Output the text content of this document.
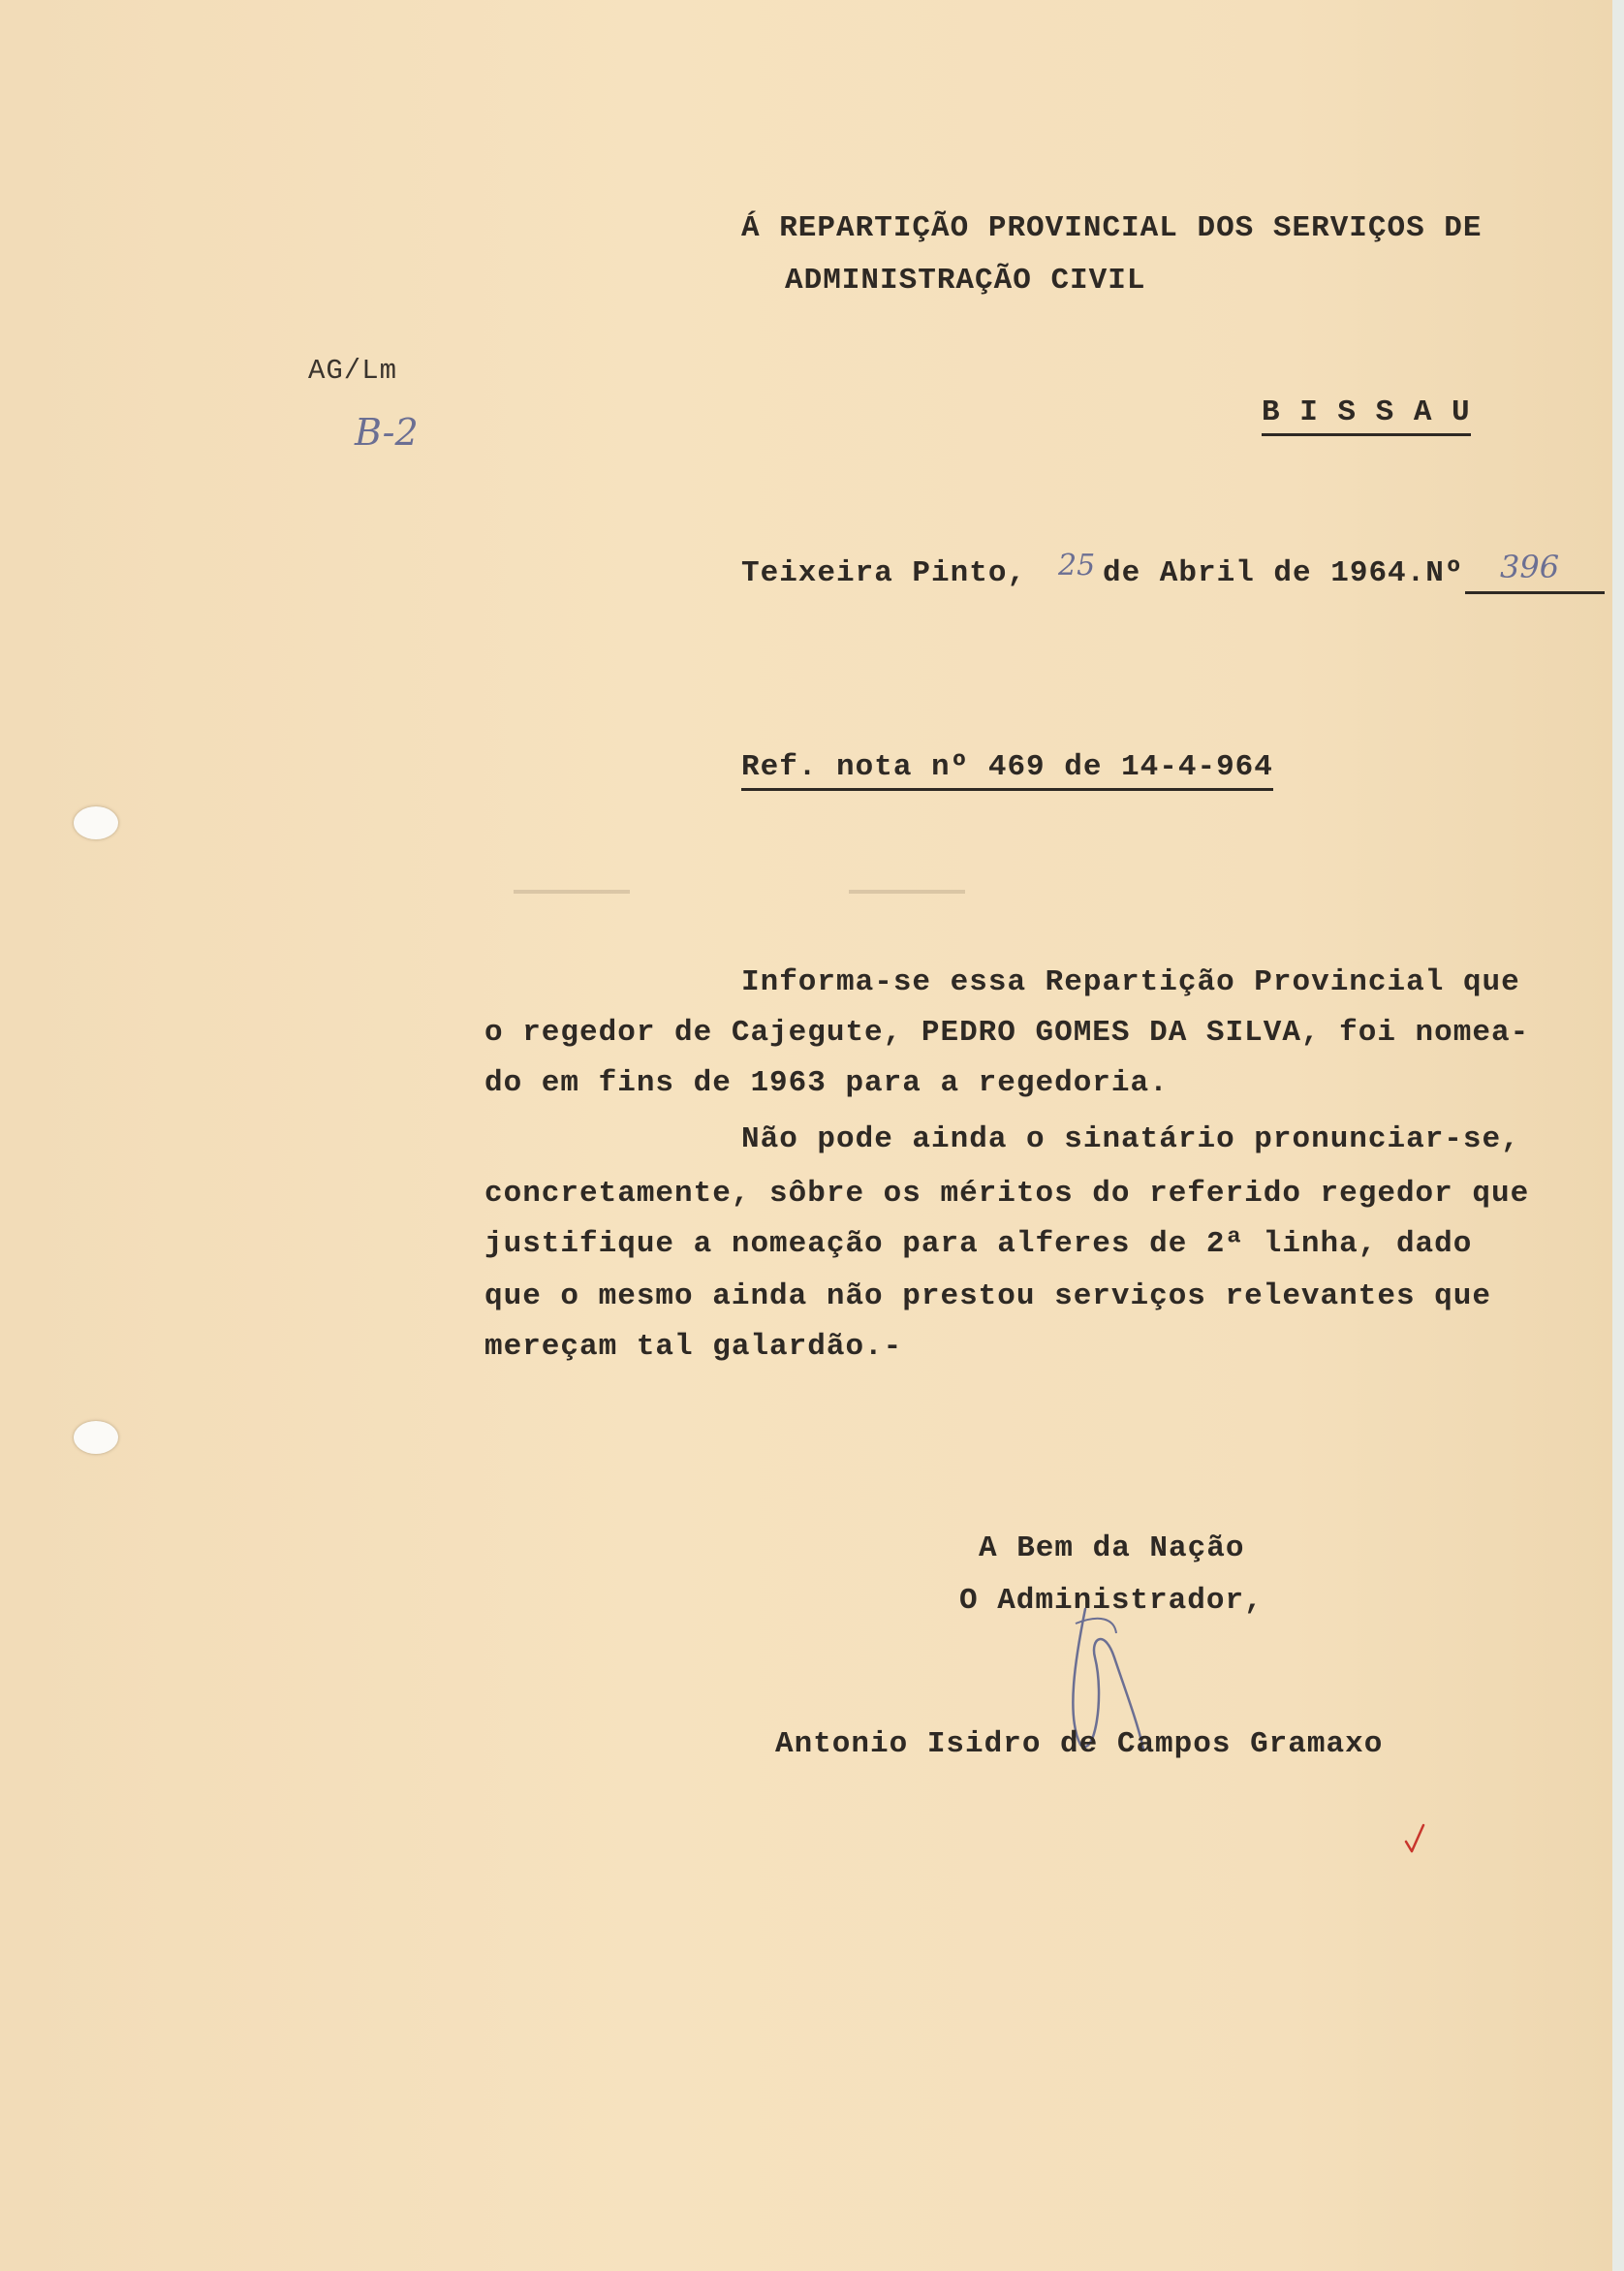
Á REPARTIÇÃO PROVINCIAL DOS SERVIÇOS DE
ADMINISTRAÇÃO CIVIL
B I S S A U
AG/Lm
B-2
Teixeira Pinto, 25 de Abril de 1964.Nº 396
Ref. nota nº 469 de 14-4-964
Informa-se essa Repartição Provincial que
o regedor de Cajegute, PEDRO GOMES DA SILVA, foi nomea-
do em fins de 1963 para a regedoria.
Não pode ainda o sinatário pronunciar-se,
concretamente, sôbre os méritos do referido regedor que
justifique a nomeação para alferes de 2ª linha, dado
que o mesmo ainda não prestou serviços relevantes que
mereçam tal galardão.-
A Bem da Nação
O Administrador,
Antonio Isidro de Campos Gramaxo
